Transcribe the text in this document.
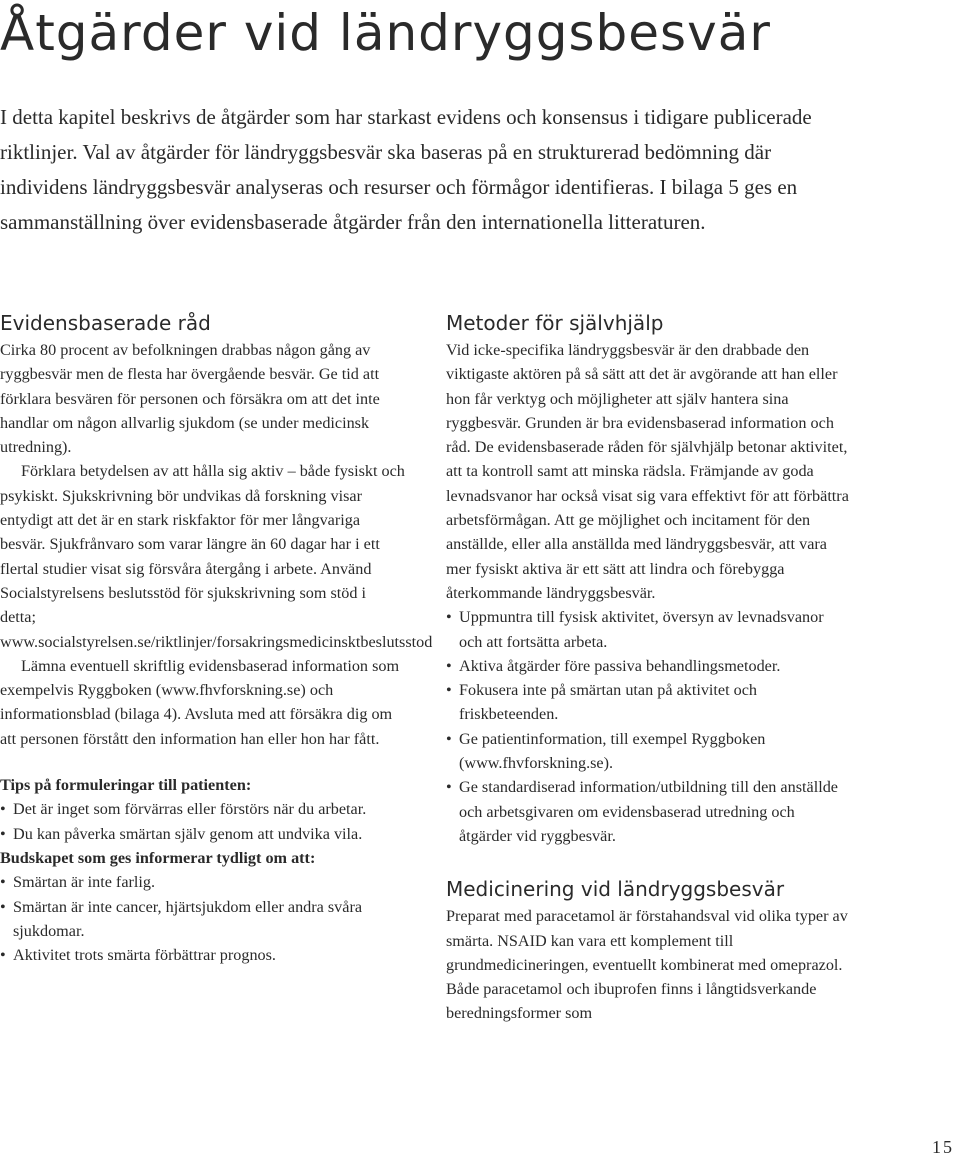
Åtgärder vid ländryggsbesvär

I detta kapitel beskrivs de åtgärder som har starkast evidens och konsensus i tidigare publicerade riktlinjer. Val av åtgärder för ländryggsbesvär ska baseras på en strukturerad bedömning där individens ländryggsbesvär analyseras och resurser och förmågor identifieras. I bilaga 5 ges en sammanställning över evidensbaserade åtgärder från den internationella litteraturen.

Evidensbaserade råd

Cirka 80 procent av befolkningen drabbas någon gång av ryggbesvär men de flesta har övergående besvär. Ge tid att förklara besvären för personen och försäkra om att det inte handlar om någon allvarlig sjukdom (se under medicinsk utredning).

Förklara betydelsen av att hålla sig aktiv – både fysiskt och psykiskt. Sjukskrivning bör undvikas då forskning visar entydigt att det är en stark riskfaktor för mer långvariga besvär. Sjukfrånvaro som varar längre än 60 dagar har i ett flertal studier visat sig försvåra återgång i arbete. Använd Socialstyrelsens beslutsstöd för sjukskrivning som stöd i detta; www.socialstyrelsen.se/riktlinjer/forsakringsmedicinsktbeslutsstod

Lämna eventuell skriftlig evidensbaserad information som exempelvis Ryggboken (www.fhvforskning.se) och informationsblad (bilaga 4). Avsluta med att försäkra dig om att personen förstått den information han eller hon har fått.

Tips på formuleringar till patienten:

• Det är inget som förvärras eller förstörs när du arbetar.
• Du kan påverka smärtan själv genom att undvika vila.

Budskapet som ges informerar tydligt om att:

• Smärtan är inte farlig.
• Smärtan är inte cancer, hjärtsjukdom eller andra svåra sjukdomar.
• Aktivitet trots smärta förbättrar prognos.
Metoder för självhjälp

Vid icke-specifika ländryggsbesvär är den drabbade den viktigaste aktören på så sätt att det är avgörande att han eller hon får verktyg och möjligheter att själv hantera sina ryggbesvär. Grunden är bra evidensbaserad information och råd. De evidensbaserade råden för självhjälp betonar aktivitet, att ta kontroll samt att minska rädsla. Främjande av goda levnadsvanor har också visat sig vara effektivt för att förbättra arbetsförmågan. Att ge möjlighet och incitament för den anställde, eller alla anställda med ländryggsbesvär, att vara mer fysiskt aktiva är ett sätt att lindra och förebygga återkommande ländryggsbesvär.

• Uppmuntra till fysisk aktivitet, översyn av levnadsvanor och att fortsätta arbeta.
• Aktiva åtgärder före passiva behandlingsmetoder.
• Fokusera inte på smärtan utan på aktivitet och friskbeteenden.
• Ge patientinformation, till exempel Ryggboken (www.fhvforskning.se).
• Ge standardiserad information/utbildning till den anställde och arbetsgivaren om evidensbaserad utredning och åtgärder vid ryggbesvär.
Medicinering vid ländryggsbesvär

Preparat med paracetamol är förstahandsval vid olika typer av smärta. NSAID kan vara ett komplement till grundmedicineringen, eventuellt kombinerat med omeprazol. Både paracetamol och ibuprofen finns i långtidsverkande beredningsformer som

15
